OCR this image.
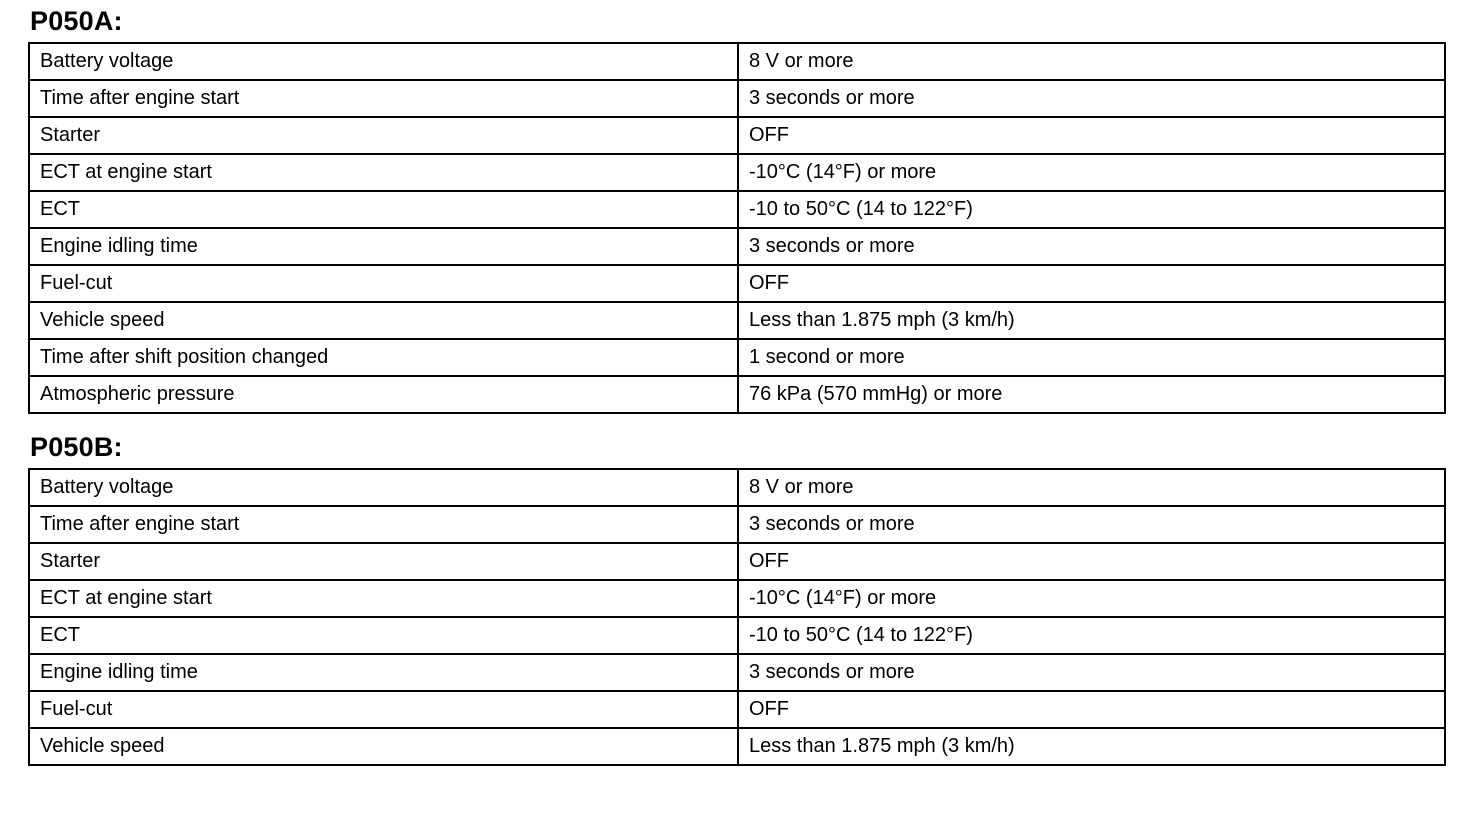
P050A:
Battery voltage	8 V or more
Time after engine start	3 seconds or more
Starter	OFF
ECT at engine start	-10°C (14°F) or more
ECT	-10 to 50°C (14 to 122°F)
Engine idling time	3 seconds or more
Fuel-cut	OFF
Vehicle speed	Less than 1.875 mph (3 km/h)
Time after shift position changed	1 second or more
Atmospheric pressure	76 kPa (570 mmHg) or more
P050B:
Battery voltage	8 V or more
Time after engine start	3 seconds or more
Starter	OFF
ECT at engine start	-10°C (14°F) or more
ECT	-10 to 50°C (14 to 122°F)
Engine idling time	3 seconds or more
Fuel-cut	OFF
Vehicle speed	Less than 1.875 mph (3 km/h)
